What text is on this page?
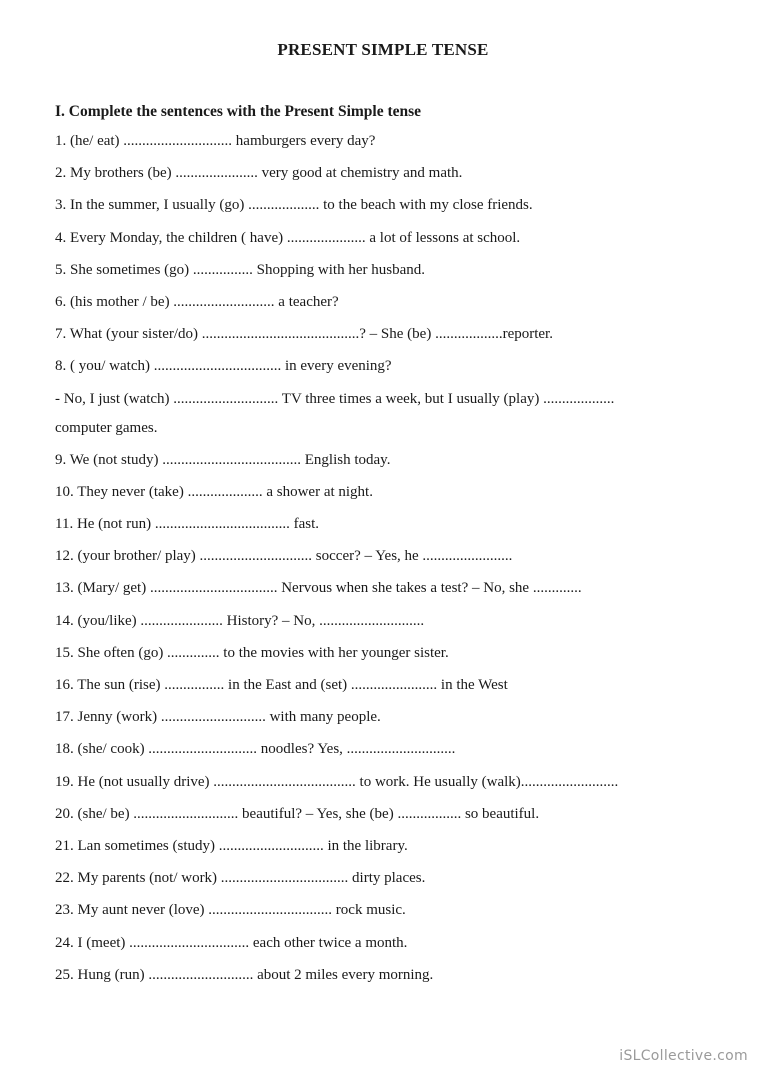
PRESENT SIMPLE TENSE
I. Complete the sentences with the Present Simple tense
1. (he/ eat) ............................. hamburgers every day?
2. My brothers (be) ...................... very good at chemistry and math.
3. In the summer, I usually (go) ................... to the beach with my close friends.
4. Every Monday, the children ( have) ..................... a lot of lessons at school.
5. She sometimes (go) ................ Shopping with her husband.
6. (his mother / be) ........................... a teacher?
7. What (your sister/do) ..........................................? – She (be) ..................reporter.
8. ( you/ watch) .................................. in every evening?
- No, I just (watch) ............................ TV three times a week, but I usually (play) ...................
computer games.
9. We (not study) ..................................... English today.
10. They never (take) .................... a shower at night.
11. He (not run) .................................... fast.
12. (your brother/ play) .............................. soccer? – Yes, he ........................
13. (Mary/ get) .................................. Nervous when she takes a test? – No, she .............
14. (you/like) ...................... History? – No, ............................
15. She often (go) .............. to the movies with her younger sister.
16. The sun (rise) ................ in the East and (set) ....................... in the West
17. Jenny (work) ............................ with many people.
18. (she/ cook) ............................. noodles? Yes, .............................
19. He (not usually drive) ...................................... to work. He usually (walk)..........................
20. (she/ be) ............................ beautiful? – Yes, she (be) ................. so beautiful.
21. Lan sometimes (study) ............................ in the library.
22. My parents (not/ work) .................................. dirty places.
23. My aunt never (love) ................................. rock music.
24. I (meet) ................................ each other twice a month.
25. Hung (run) ............................ about 2 miles every morning.
iSLCollective.com
